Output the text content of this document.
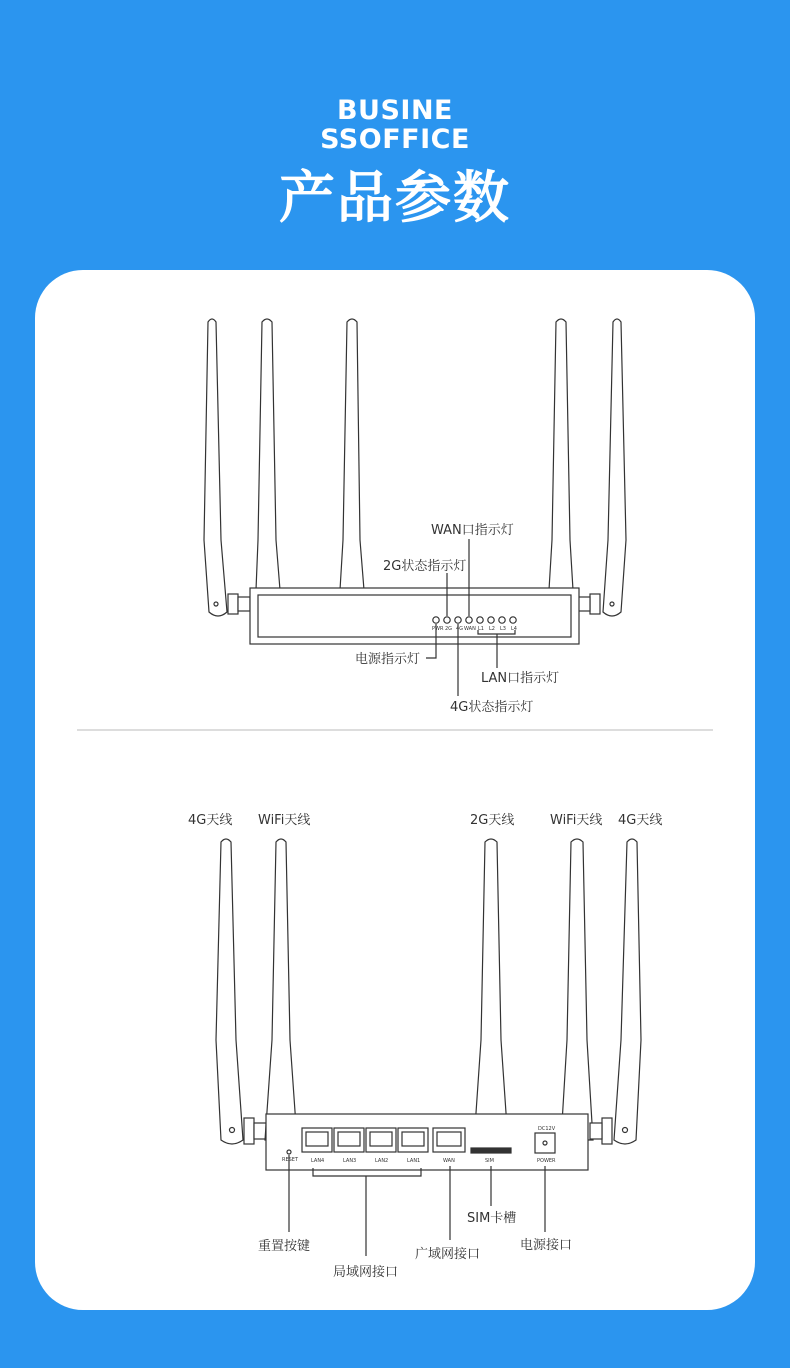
BUSINE
SSOFFICE
产品参数
PWR 2G 4G WAN L1 L2 L3 L4
WAN口指示灯
2G状态指示灯
电源指示灯
LAN口指示灯
4G状态指示灯
4G天线 WiFi天线	2G天线	WiFi天线 4G天线
RESET	LAN4	LAN3	LAN2	LAN1	WAN	SIM
DC12V
POWER
重置按键
局域网接口
广域网接口
SIM卡槽
电源接口
